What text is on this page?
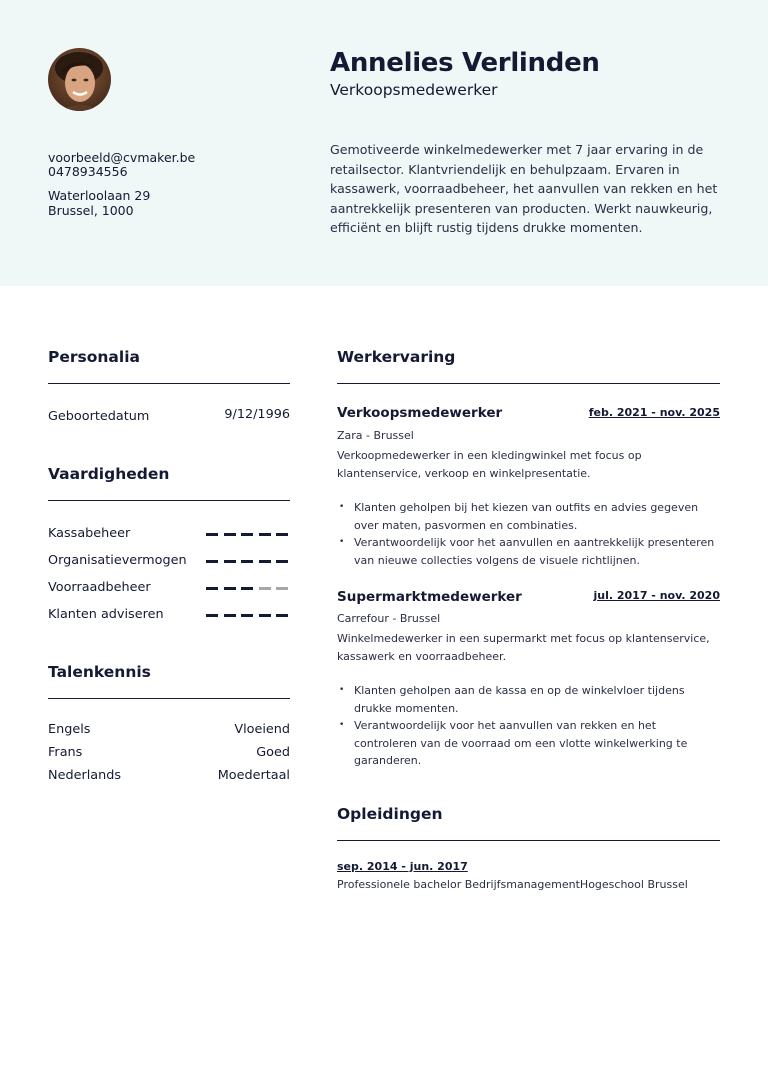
Annelies Verlinden
Verkoopsmedewerker
voorbeeld@cvmaker.be
0478934556
Waterloolaan 29
Brussel, 1000
Gemotiveerde winkelmedewerker met 7 jaar ervaring in de retailsector. Klantvriendelijk en behulpzaam. Ervaren in kassawerk, voorraadbeheer, het aanvullen van rekken en het aantrekkelijk presenteren van producten. Werkt nauwkeurig, efficiënt en blijft rustig tijdens drukke momenten.
Personalia
Geboortedatum	9/12/1996
Vaardigheden
Kassabeheer
Organisatievermogen
Voorraadbeheer
Klanten adviseren
Talenkennis
Engels	Vloeiend
Frans	Goed
Nederlands	Moedertaal
Werkervaring
Verkoopsmedewerker	feb. 2021 - nov. 2025
Zara - Brussel
Verkoopmedewerker in een kledingwinkel met focus op klantenservice, verkoop en winkelpresentatie.
• Klanten geholpen bij het kiezen van outfits en advies gegeven over maten, pasvormen en combinaties.
• Verantwoordelijk voor het aanvullen en aantrekkelijk presenteren van nieuwe collecties volgens de visuele richtlijnen.
Supermarktmedewerker	jul. 2017 - nov. 2020
Carrefour - Brussel
Winkelmedewerker in een supermarkt met focus op klantenservice, kassawerk en voorraadbeheer.
• Klanten geholpen aan de kassa en op de winkelvloer tijdens drukke momenten.
• Verantwoordelijk voor het aanvullen van rekken en het controleren van de voorraad om een vlotte winkelwerking te garanderen.
Opleidingen
sep. 2014 - jun. 2017
Professionele bachelor BedrijfsmanagementHogeschool Brussel
